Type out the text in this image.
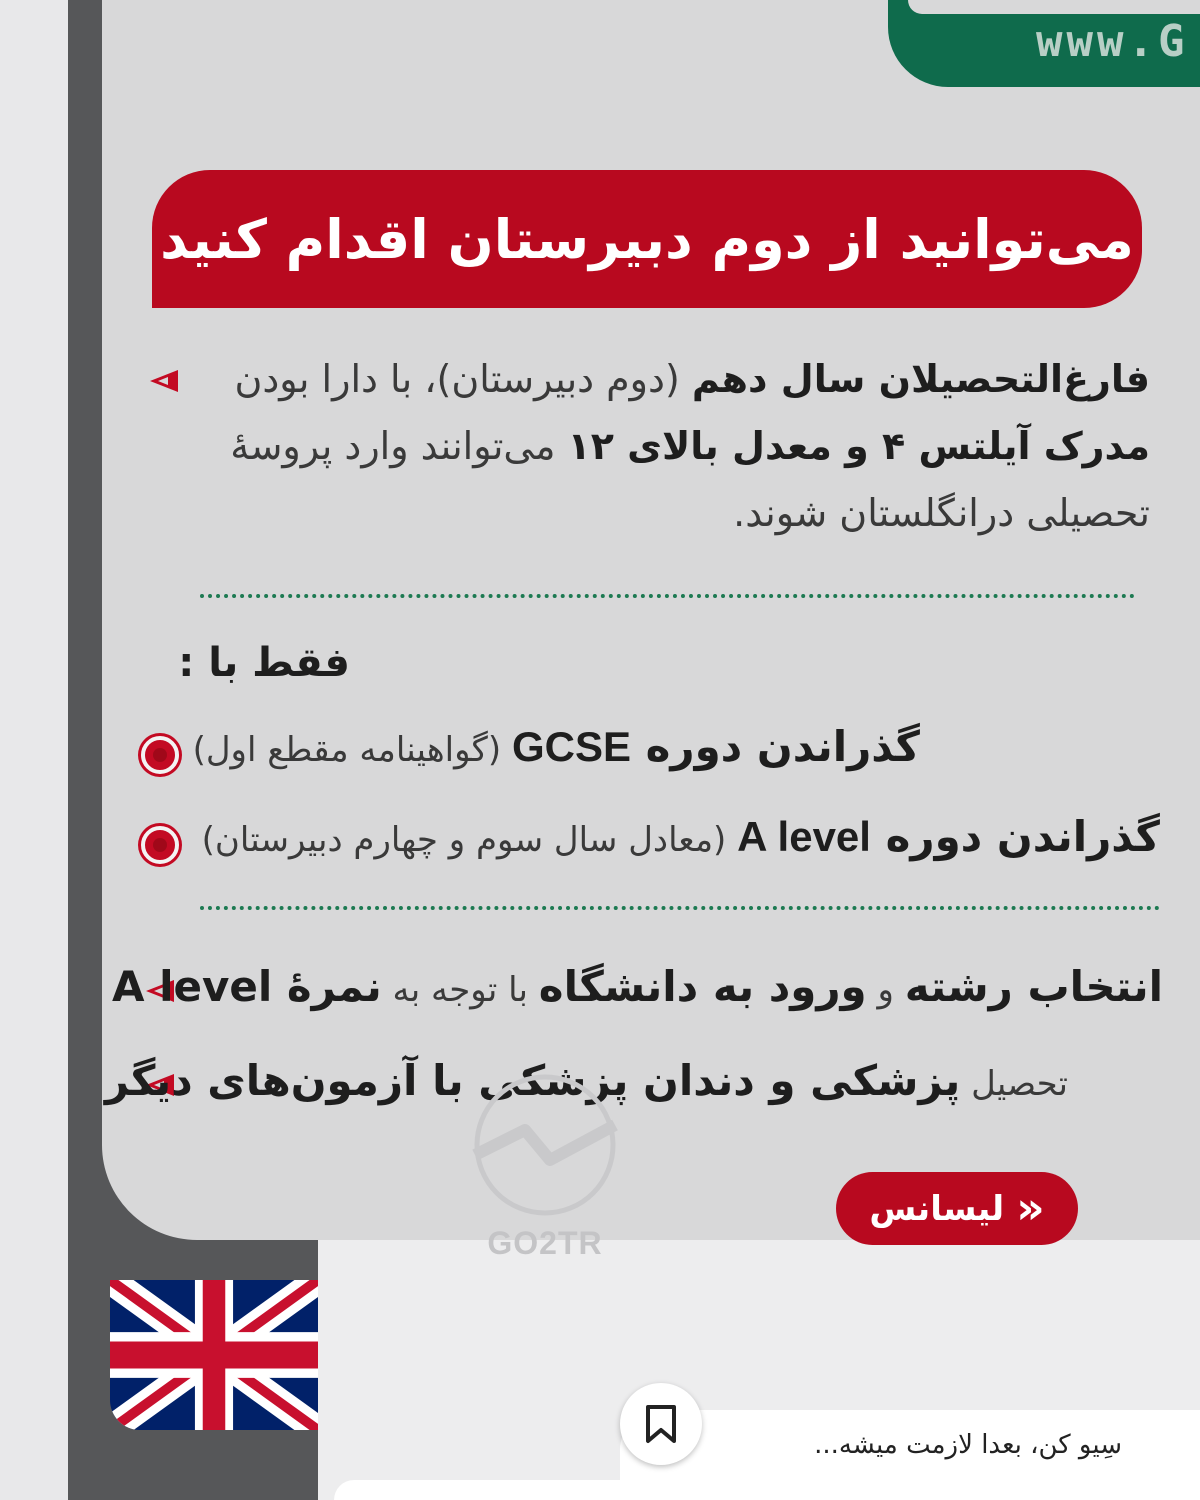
www.G
می‌توانید از دوم دبیرستان اقدام کنید
فارغ‌التحصیلان سال دهم (دوم دبیرستان)، با دارا بودن مدرک آیلتس ۴ و معدل بالای ۱۲ می‌توانند وارد پروسهٔ تحصیلی درانگلستان شوند.
فقط با :
گذراندن دوره GCSE (گواهینامه مقطع اول)
گذراندن دوره A level (معادل سال سوم و چهارم دبیرستان)
انتخاب رشته و ورود به دانشگاه با توجه به نمرهٔ A level
تحصیل پزشکی و دندان پزشکی با آزمون‌های دیگر
GO2TR
«
لیسانس
سِیو کن، بعدا لازمت میشه...
